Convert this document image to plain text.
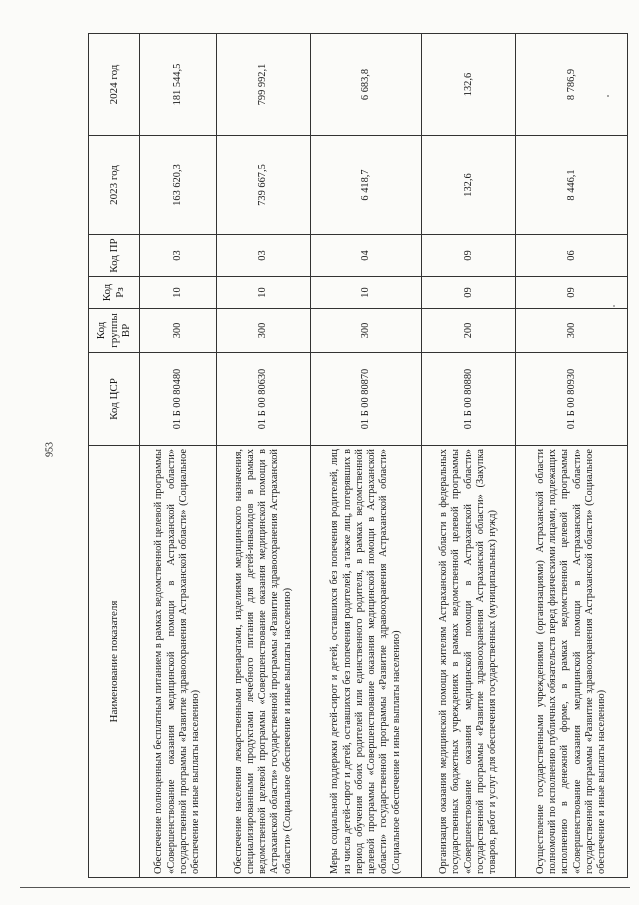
953
Наименование показателя	Код ЦСР	Код группы ВР	Код Рз	Код ПР	2023 год	2024 год
Обеспечение полноценным бесплатным питанием в рамках ведомственной целевой программы «Совершенствование оказания медицинской помощи в Астраханской области» государственной программы «Развитие здравоохранения Астраханской области» (Социальное обеспечение и иные выплаты населению)	01 Б 00 80480	300	10	03	163 620,3	181 544,5
Обеспечение населения лекарственными препаратами, изделиями медицинского назначения, специализированными продуктами лечебного питания для детей-инвалидов в рамках ведомственной целевой программы «Совершенствование оказания медицинской помощи в Астраханской области» государственной программы «Развитие здравоохранения Астраханской области» (Социальное обеспечение и иные выплаты населению)	01 Б 00 80630	300	10	03	739 667,5	799 992,1
Меры социальной поддержки детей-сирот и детей, оставшихся без попечения родителей, лиц из числа детей-сирот и детей, оставшихся без попечения родителей, а также лиц, потерявших в период обучения обоих родителей или единственного родителя, в рамках ведомственной целевой программы «Совершенствование оказания медицинской помощи в Астраханской области» государственной программы «Развитие здравоохранения Астраханской области» (Социальное обеспечение и иные выплаты населению)	01 Б 00 80870	300	10	04	6 418,7	6 683,8
Организация оказания медицинской помощи жителям Астраханской области в федеральных государственных бюджетных учреждениях в рамках ведомственной целевой программы «Совершенствование оказания медицинской помощи в Астраханской области» государственной программы «Развитие здравоохранения Астраханской области» (Закупка товаров, работ и услуг для обеспечения государственных (муниципальных) нужд)	01 Б 00 80880	200	09	09	132,6	132,6
Осуществление государственными учреждениями (организациями) Астраханской области полномочий по исполнению публичных обязательств перед физическими лицами, подлежащих исполнению в денежной форме, в рамках ведомственной целевой программы «Совершенствование оказания медицинской помощи в Астраханской области» государственной программы «Развитие здравоохранения Астраханской области» (Социальное обеспечение и иные выплаты населению)	01 Б 00 80930	300	09	06	8 446,1	8 786,9
